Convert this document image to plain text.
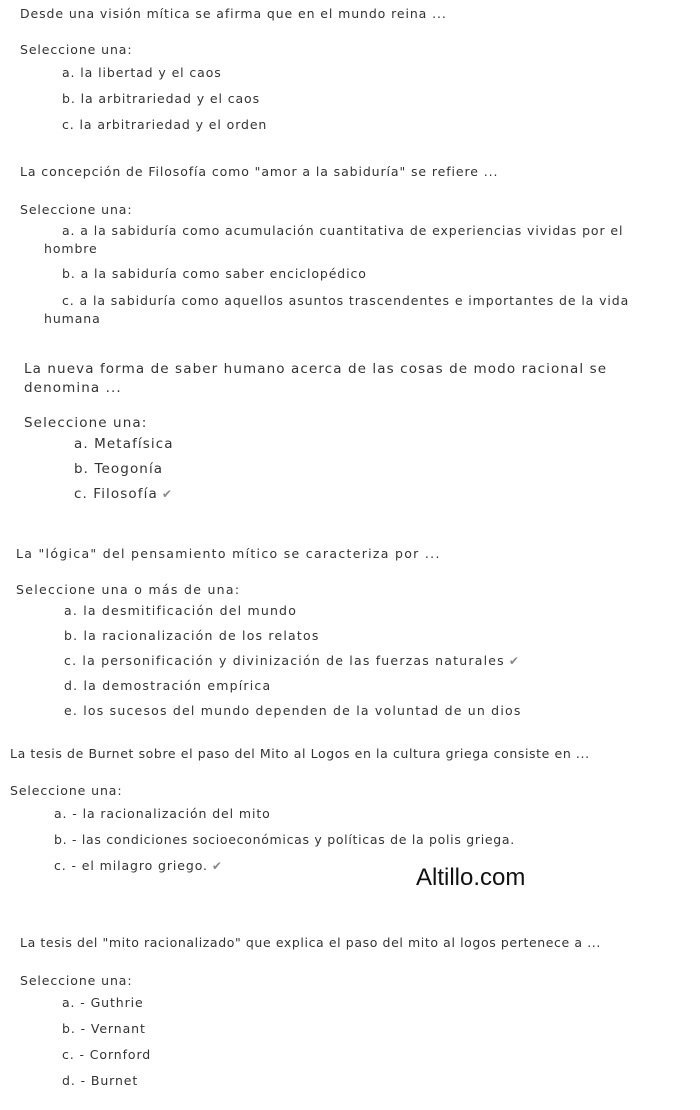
Desde una visión mítica se afirma que en el mundo reina ...

Seleccione una:

a. la libertad y el caos
b. la arbitrariedad y el caos
c. la arbitrariedad y el orden

La concepción de Filosofía como "amor a la sabiduría" se refiere ...

Seleccione una:

a. a la sabiduría como acumulación cuantitativa de experiencias vividas por el hombre
b. a la sabiduría como saber enciclopédico
c. a la sabiduría como aquellos asuntos trascendentes e importantes de la vida humana

La nueva forma de saber humano acerca de las cosas de modo racional se

denomina ...

Seleccione una:

a. Metafísica
b. Teogonía
c. Filosofía ✔

La "lógica" del pensamiento mítico se caracteriza por ...

Seleccione una o más de una:

a. la desmitificación del mundo
b. la racionalización de los relatos
c. la personificación y divinización de las fuerzas naturales ✔
d. la demostración empírica
e. los sucesos del mundo dependen de la voluntad de un dios

La tesis de Burnet sobre el paso del Mito al Logos en la cultura griega consiste en ...

Seleccione una:

a. - la racionalización del mito
b. - las condiciones socioeconómicas y políticas de la polis griega.
c. - el milagro griego. ✔	Altillo.com

La tesis del "mito racionalizado" que explica el paso del mito al logos pertenece a ...

Seleccione una:

a. - Guthrie
b. - Vernant
c. - Cornford
d. - Burnet
